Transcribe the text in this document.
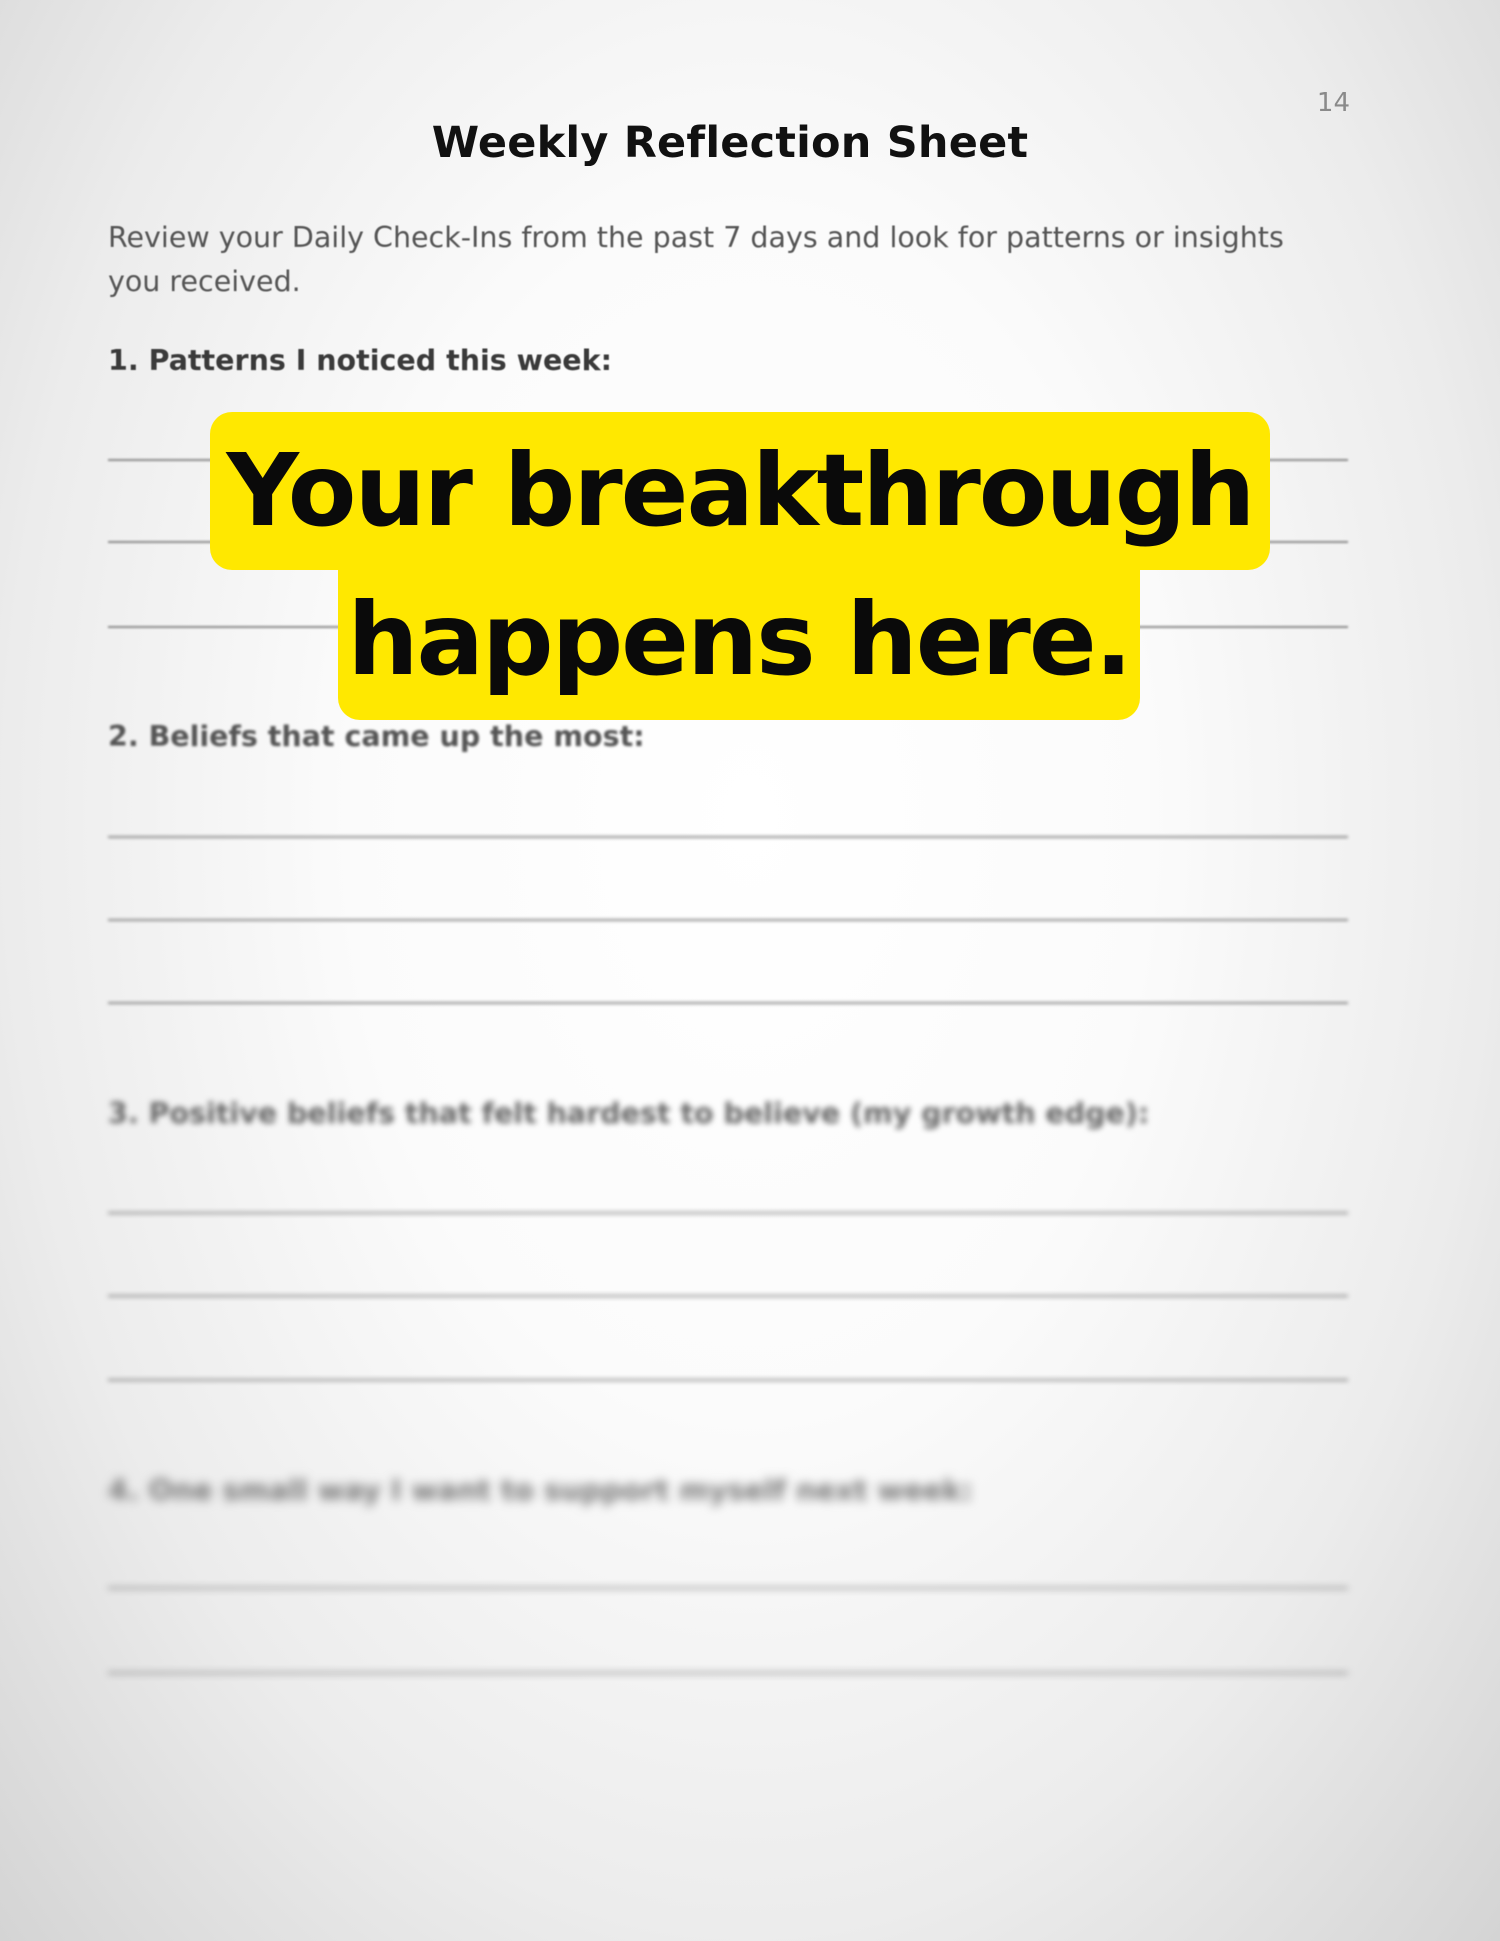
14
Weekly Reflection Sheet
Review your Daily Check-Ins from the past 7 days and look for patterns or insights you received.
1. Patterns I noticed this week:
2. Beliefs that came up the most:
3. Positive beliefs that felt hardest to believe (my growth edge):
4. One small way I want to support myself next week:
Your breakthrough
happens here.
